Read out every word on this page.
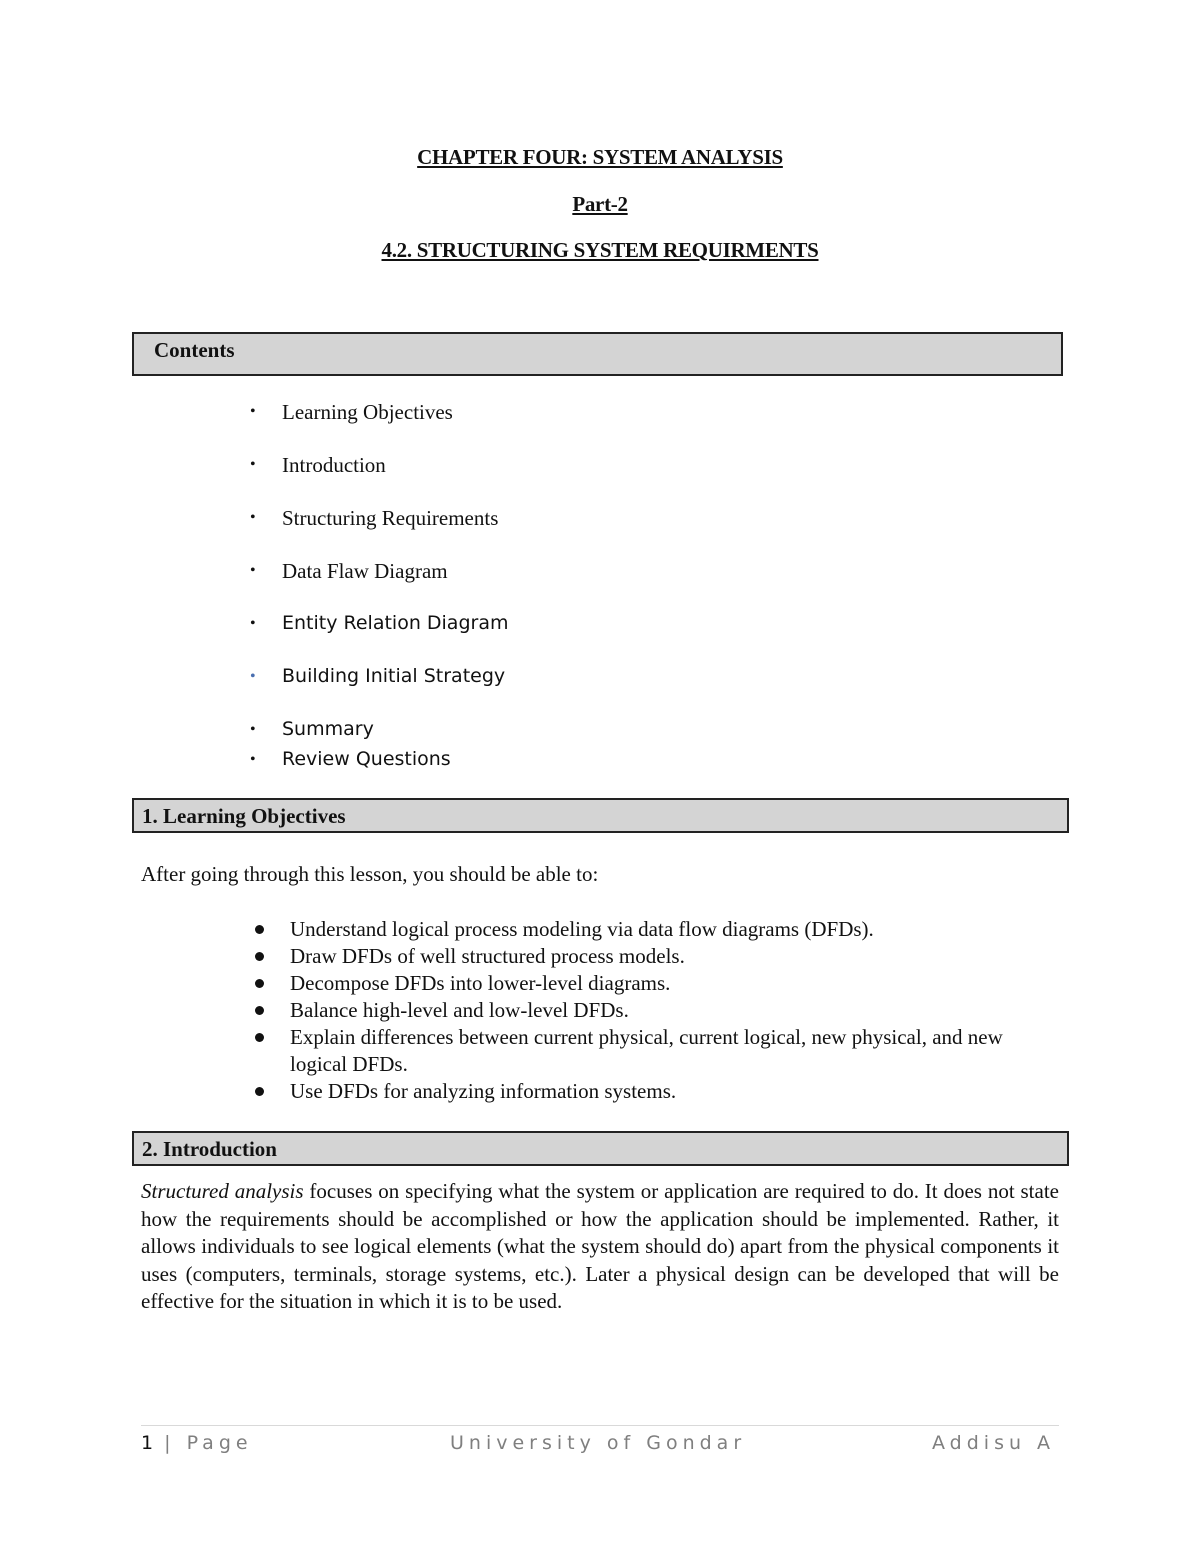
CHAPTER FOUR: SYSTEM ANALYSIS
Part-2
4.2. STRUCTURING SYSTEM REQUIRMENTS
Contents
• Learning Objectives
• Introduction
• Structuring Requirements
• Data Flaw Diagram
• Entity Relation Diagram
• Building Initial Strategy
• Summary
• Review Questions
1. Learning Objectives
After going through this lesson, you should be able to:
Understand logical process modeling via data flow diagrams (DFDs).
Draw DFDs of well structured process models.
Decompose DFDs into lower-level diagrams.
Balance high-level and low-level DFDs.
Explain differences between current physical, current logical, new physical, and new logical DFDs.
Use DFDs for analyzing information systems.
2. Introduction

Structured analysis focuses on specifying what the system or application are required to do. It does not state how the requirements should be accomplished or how the application should be implemented. Rather, it allows individuals to see logical elements (what the system should do) apart from the physical components it uses (computers, terminals, storage systems, etc.). Later a physical design can be developed that will be effective for the situation in which it is to be used.

1 | Page	University of Gondar	Addisu A
